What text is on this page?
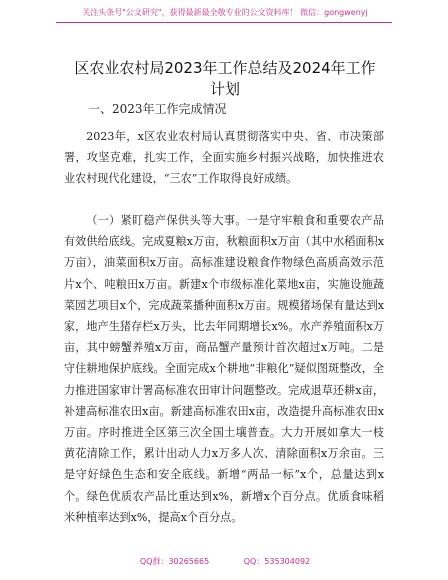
关注头条号"公文研究"，获得最新最全敬专业的公文资料库！ 微信：gongwenyj
区农业农村局2023年工作总结及2024年工作
计划
一、2023年工作完成情况
2023年，x区农业农村局认真贯彻落实中央、省、市决策部署，攻坚克难，扎实工作，全面实施乡村振兴战略，加快推进农业农村现代化建设，“三农”工作取得良好成绩。
（一）紧盯稳产保供头等大事。一是守牢粮食和重要农产品有效供给底线。完成夏粮x万亩，秋粮面积x万亩（其中水稻面积x万亩），油菜面积x万亩。高标准建设粮食作物绿色高质高效示范片x个、吨粮田x万亩。新建x个市级标准化菜地x亩，实施设施蔬菜园艺项目x个，完成蔬菜播种面积x万亩。规模猪场保有量达到x家，地产生猪存栏x万头，比去年同期增长x%。水产养殖面积x万亩，其中螃蟹养殖x万亩，商品蟹产量预计首次超过x万吨。二是守住耕地保护底线。全面完成x个耕地“非粮化”疑似图斑整改，全力推进国家审计署高标准农田审计问题整改。完成退草还耕x亩，补建高标准农田x亩。新建高标准农田x亩，改造提升高标准农田x万亩。序时推进全区第三次全国土壤普查。大力开展如拿大一枝黄花清除工作，累计出动人力x万多人次、清除面积x万余亩。三是守好绿色生态和安全底线。新增“两品一标”x个，总量达到x个。绿色优质农产品比重达到x%，新增x个百分点。优质食味稻米种植率达到x%，提高x个百分点。
QQ群：30265665	QQ：535304092
